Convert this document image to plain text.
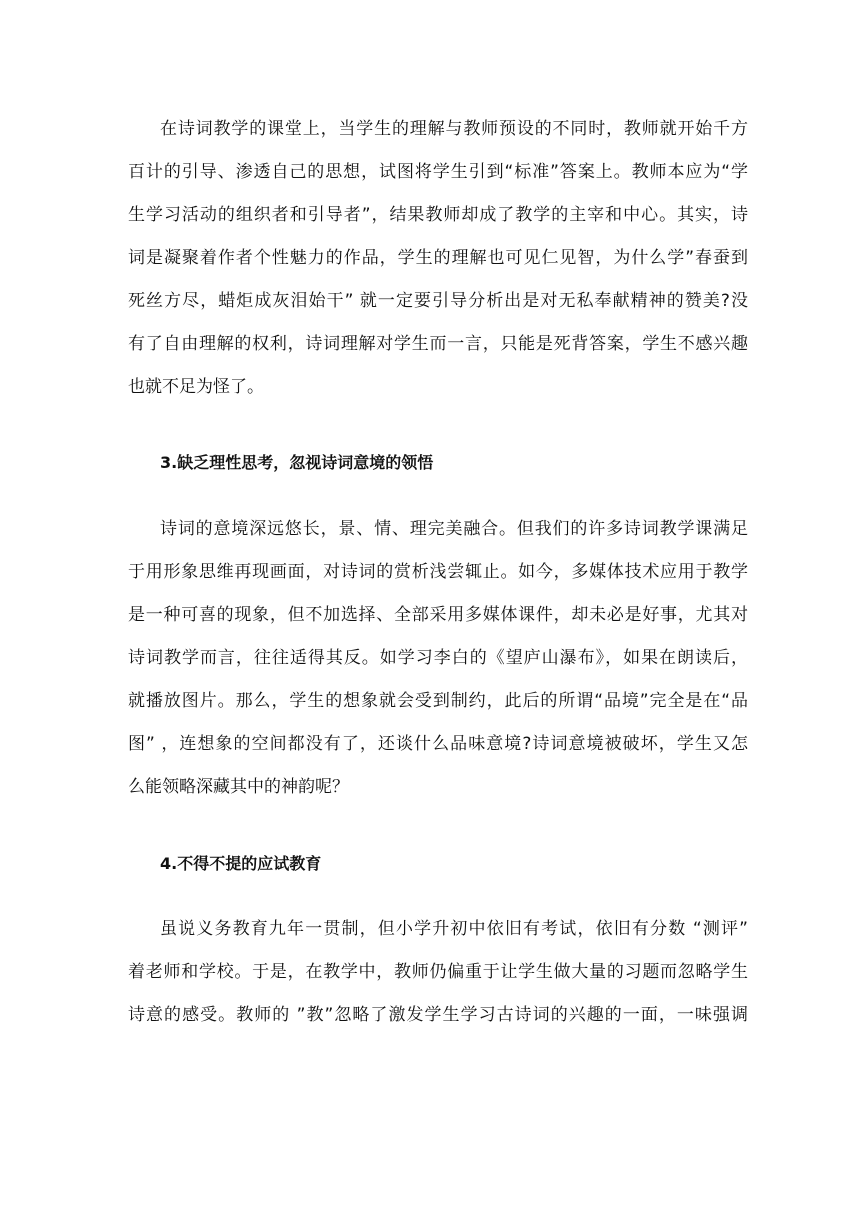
在诗词教学的课堂上，当学生的理解与教师预设的不同时，教师就开始千方
百计的引导、渗透自己的思想，试图将学生引到“标准”答案上。教师本应为“学
生学习活动的组织者和引导者”，结果教师却成了教学的主宰和中心。其实，诗
词是凝聚着作者个性魅力的作品，学生的理解也可见仁见智，为什么学”春蚕到
死丝方尽，蜡炬成灰泪始干” 就一定要引导分析出是对无私奉献精神的赞美?没
有了自由理解的权利，诗词理解对学生而一言，只能是死背答案，学生不感兴趣
也就不足为怪了。
3.缺乏理性思考，忽视诗词意境的领悟
诗词的意境深远悠长，景、情、理完美融合。但我们的许多诗词教学课满足
于用形象思维再现画面，对诗词的赏析浅尝辄止。如今，多媒体技术应用于教学
是一种可喜的现象，但不加选择、全部采用多媒体课件，却未必是好事，尤其对
诗词教学而言，往往适得其反。如学习李白的《望庐山瀑布》，如果在朗读后，
就播放图片。那么，学生的想象就会受到制约，此后的所谓“品境”完全是在“品
图” ，连想象的空间都没有了，还谈什么品味意境?诗词意境被破坏，学生又怎
么能领略深藏其中的神韵呢？
4.不得不提的应试教育
虽说义务教育九年一贯制，但小学升初中依旧有考试，依旧有分数 “测评”
着老师和学校。于是，在教学中，教师仍偏重于让学生做大量的习题而忽略学生
诗意的感受。教师的 ”教”忽略了激发学生学习古诗词的兴趣的一面，一味强调
